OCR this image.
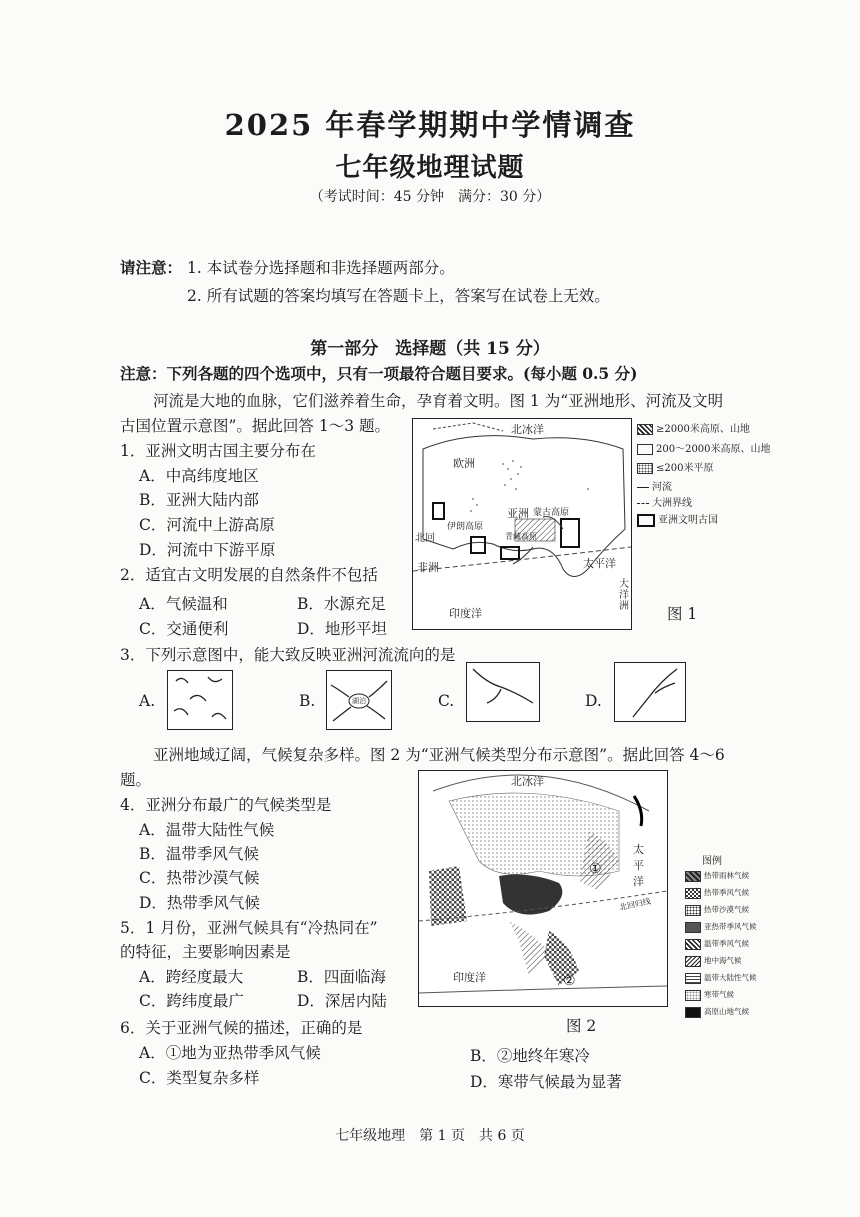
2025 年春学期期中学情调查
七年级地理试题
（考试时间：45 分钟　满分：30 分）
请注意： 1. 本试卷分选择题和非选择题两部分。
2. 所有试题的答案均填写在答题卡上，答案写在试卷上无效。
第一部分　选择题（共 15 分）
注意：下列各题的四个选项中，只有一项最符合题目要求。(每小题 0.5 分)
河流是大地的血脉，它们滋养着生命，孕育着文明。图 1 为“亚洲地形、河流及文明
古国位置示意图”。据此回答 1～3 题。
1．亚洲文明古国主要分布在
A．中高纬度地区
B．亚洲大陆内部
C．河流中上游高原
D．河流中下游平原
2．适宜古文明发展的自然条件不包括
A．气候温和	B．水源充足
C．交通便利	D．地形平坦
北冰洋
欧洲
亚洲 蒙古高原
伊朗高原
青藏高原
北回
太平洋
非洲
印度洋
大洋洲
≥2000米高原、山地
200～2000米高原、山地
≤200米平原
河流
大洲界线
亚洲文明古国
图 1
3．下列示意图中，能大致反映亚洲河流流向的是
A.	B.	湖泊	C.	D.
亚洲地域辽阔，气候复杂多样。图 2 为“亚洲气候类型分布示意图”。据此回答 4～6
题。
4．亚洲分布最广的气候类型是
A．温带大陆性气候
B．温带季风气候
C．热带沙漠气候
D．热带季风气候
5．1 月份，亚洲气候具有“冷热同在”
的特征，主要影响因素是
A．跨经度最大	B．四面临海
C．跨纬度最广	D．深居内陆
6．关于亚洲气候的描述，正确的是
A．①地为亚热带季风气候	B．②地终年寒冷
C．类型复杂多样	D．寒带气候最为显著
北冰洋
太
平
洋
北回归线
印度洋
①
②
图例
热带雨林气候
热带季风气候
热带沙漠气候
亚热带季风气候
温带季风气候
地中海气候
温带大陆性气候
寒带气候
高原山地气候
图 2
七年级地理　第 1 页　共 6 页
